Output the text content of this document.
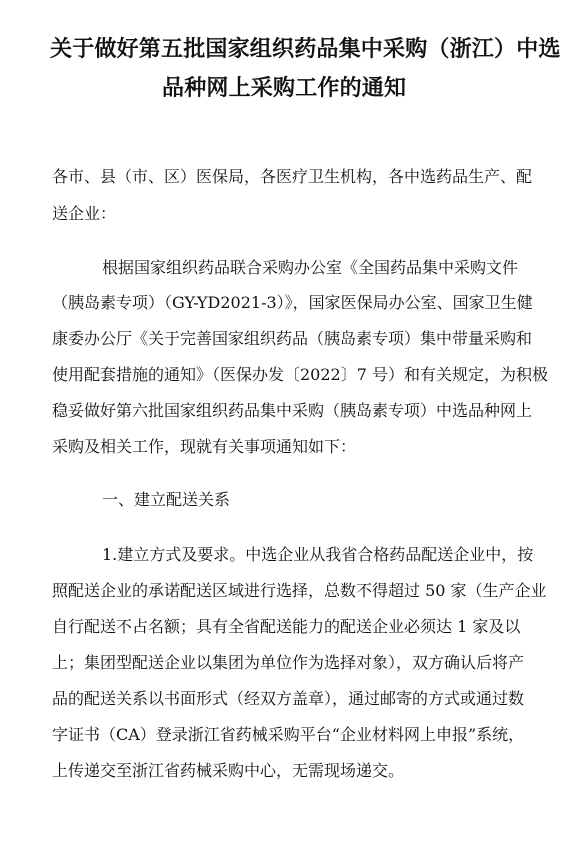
关于做好第五批国家组织药品集中采购（浙江）中选
品种网上采购工作的通知
各市、县（市、区）医保局，各医疗卫生机构，各中选药品生产、配
送企业：
根据国家组织药品联合采购办公室《全国药品集中采购文件
（胰岛素专项）（GY-YD2021-3）》，国家医保局办公室、国家卫生健
康委办公厅《关于完善国家组织药品（胰岛素专项）集中带量采购和
使用配套措施的通知》（医保办发〔2022〕7 号）和有关规定，为积极
稳妥做好第六批国家组织药品集中采购（胰岛素专项）中选品种网上
采购及相关工作，现就有关事项通知如下：
一、建立配送关系
1.建立方式及要求。中选企业从我省合格药品配送企业中，按
照配送企业的承诺配送区域进行选择，总数不得超过 50 家（生产企业
自行配送不占名额；具有全省配送能力的配送企业必须达 1 家及以
上；集团型配送企业以集团为单位作为选择对象），双方确认后将产
品的配送关系以书面形式（经双方盖章），通过邮寄的方式或通过数
字证书（CA）登录浙江省药械采购平台“企业材料网上申报”系统，
上传递交至浙江省药械采购中心，无需现场递交。
